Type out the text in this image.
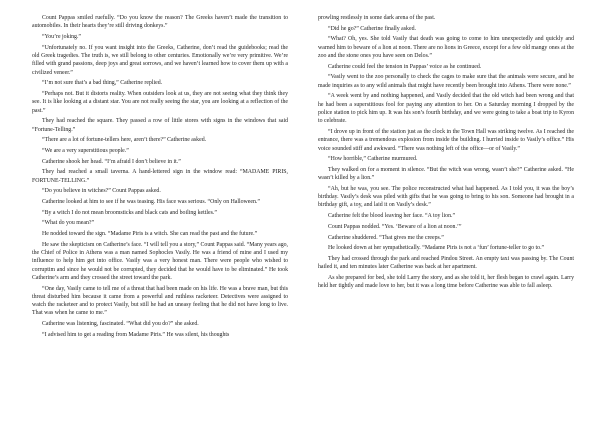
Count Pappas smiled ruefully. “Do you know the reason? The Greeks haven’t made the transition to automobiles. In their hearts they’re still driving donkeys.”

“You’re joking.”

“Unfortunately no. If you want insight into the Greeks, Catherine, don’t read the guidebooks; read the old Greek tragedies. The truth is, we still belong to other centuries. Emotionally we’re very primitive. We’re filled with grand passions, deep joys and great sorrows, and we haven’t learned how to cover them up with a civilized veneer.”

“I’m not sure that’s a bad thing,” Catherine replied.

“Perhaps not. But it distorts reality. When outsiders look at us, they are not seeing what they think they see. It is like looking at a distant star. You are not really seeing the star, you are looking at a reflection of the past.”

They had reached the square. They passed a row of little stores with signs in the windows that said “Fortune-Telling.”

“There are a lot of fortune-tellers here, aren’t there?” Catherine asked.

“We are a very superstitious people.”

Catherine shook her head. “I’m afraid I don’t believe in it.”

They had reached a small taverna. A hand-lettered sign in the window read: “MADAME PIRIS, FORTUNE-TELLING.”

“Do you believe in witches?” Count Pappas asked.

Catherine looked at him to see if he was teasing. His face was serious. “Only on Halloween.”

“By a witch I do not mean broomsticks and black cats and boiling kettles.”

“What do you mean?”

He nodded toward the sign. “Madame Piris is a witch. She can read the past and the future.”

He saw the skepticism on Catherine’s face. “I will tell you a story,” Count Pappas said. “Many years ago, the Chief of Police in Athens was a man named Sophocles Vasily. He was a friend of mine and I used my influence to help him get into office. Vasily was a very honest man. There were people who wished to corruptim and since he would not be corrupted, they decided that he would have to be eliminated.” He took Catherine’s arm and they crossed the street toward the park.

“One day, Vasily came to tell me of a threat that had been made on his life. He was a brave man, but this threat disturbed him because it came from a powerful and ruthless racketeer. Detectives were assigned to watch the racketeer and to protect Vasily, but still he had an uneasy feeling that he did not have long to live. That was when he came to me.”

Catherine was listening, fascinated. “What did you do?” she asked.

“I advised him to get a reading from Madame Piris.” He was silent, his thoughts

prowling restlessly in some dark arena of the past.

“Did he go?” Catherine finally asked.

“What? Oh, yes. She told Vasily that death was going to come to him unexpectedly and quickly and warned him to beware of a lion at noon. There are no lions in Greece, except for a few old mangy ones at the zoo and the stone ones you have seen on Delos.”

Catherine could feel the tension in Pappas’ voice as he continued.

“Vasily went to the zoo personally to check the cages to make sure that the animals were secure, and he made inquiries as to any wild animals that might have recently been brought into Athens. There were none.”

“A week went by and nothing happened, and Vasily decided that the old witch had been wrong and that he had been a superstitious fool for paying any attention to her. On a Saturday morning I dropped by the police station to pick him up. It was his son’s fourth birthday, and we were going to take a boat trip to Kyron to celebrate.

“I drove up in front of the station just as the clock in the Town Hall was striking twelve. As I reached the entrance, there was a tremendous explosion from inside the building. I hurried inside to Vasily’s office.” His voice sounded stiff and awkward. “There was nothing left of the office—or of Vasily.”

“How horrible,” Catherine murmured.

They walked on for a moment in silence. “But the witch was wrong, wasn’t she?” Catherine asked. “He wasn’t killed by a lion.”

“Ah, but he was, you see. The police reconstructed what had happened. As I told you, it was the boy’s birthday. Vasily’s desk was piled with gifts that he was going to bring to his son. Someone had brought in a birthday gift, a toy, and laid it on Vasily’s desk.”

Catherine felt the blood leaving her face. “A toy lion.”

Count Pappas nodded. “Yes. ‘Beware of a lion at noon.’”

Catherine shuddered. “That gives me the creeps.”

He looked down at her sympathetically. “Madame Piris is not a ‘fun’ fortune-teller to go to.”

They had crossed through the park and reached Pindou Street. An empty taxi was passing by. The Count hailed it, and ten minutes later Catherine was back at her apartment.

As she prepared for bed, she told Larry the story, and as she told it, her flesh began to crawl again. Larry held her tightly and made love to her, but it was a long time before Catherine was able to fall asleep.
